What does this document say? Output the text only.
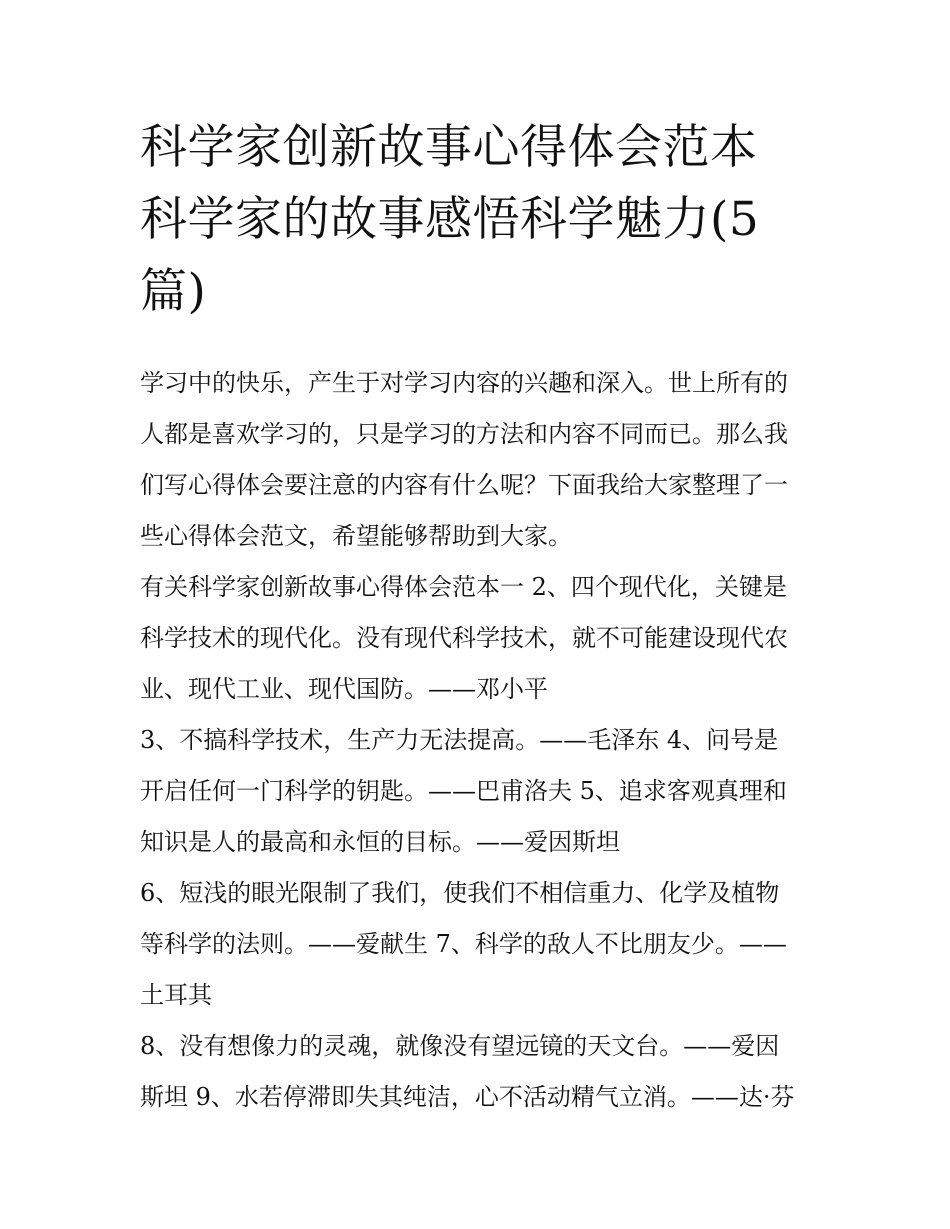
科学家创新故事心得体会范本
科学家的故事感悟科学魅力(5
篇)
学习中的快乐，产生于对学习内容的兴趣和深入。世上所有的
人都是喜欢学习的，只是学习的方法和内容不同而已。那么我
们写心得体会要注意的内容有什么呢？下面我给大家整理了一
些心得体会范文，希望能够帮助到大家。
有关科学家创新故事心得体会范本一 2、四个现代化，关键是
科学技术的现代化。没有现代科学技术，就不可能建设现代农
业、现代工业、现代国防。——邓小平
3、不搞科学技术，生产力无法提高。——毛泽东 4、问号是
开启任何一门科学的钥匙。——巴甫洛夫 5、追求客观真理和
知识是人的最高和永恒的目标。——爱因斯坦
6、短浅的眼光限制了我们，使我们不相信重力、化学及植物
等科学的法则。——爱献生 7、科学的敌人不比朋友少。——
土耳其
8、没有想像力的灵魂，就像没有望远镜的天文台。——爱因
斯坦 9、水若停滞即失其纯洁，心不活动精气立消。——达·芬
